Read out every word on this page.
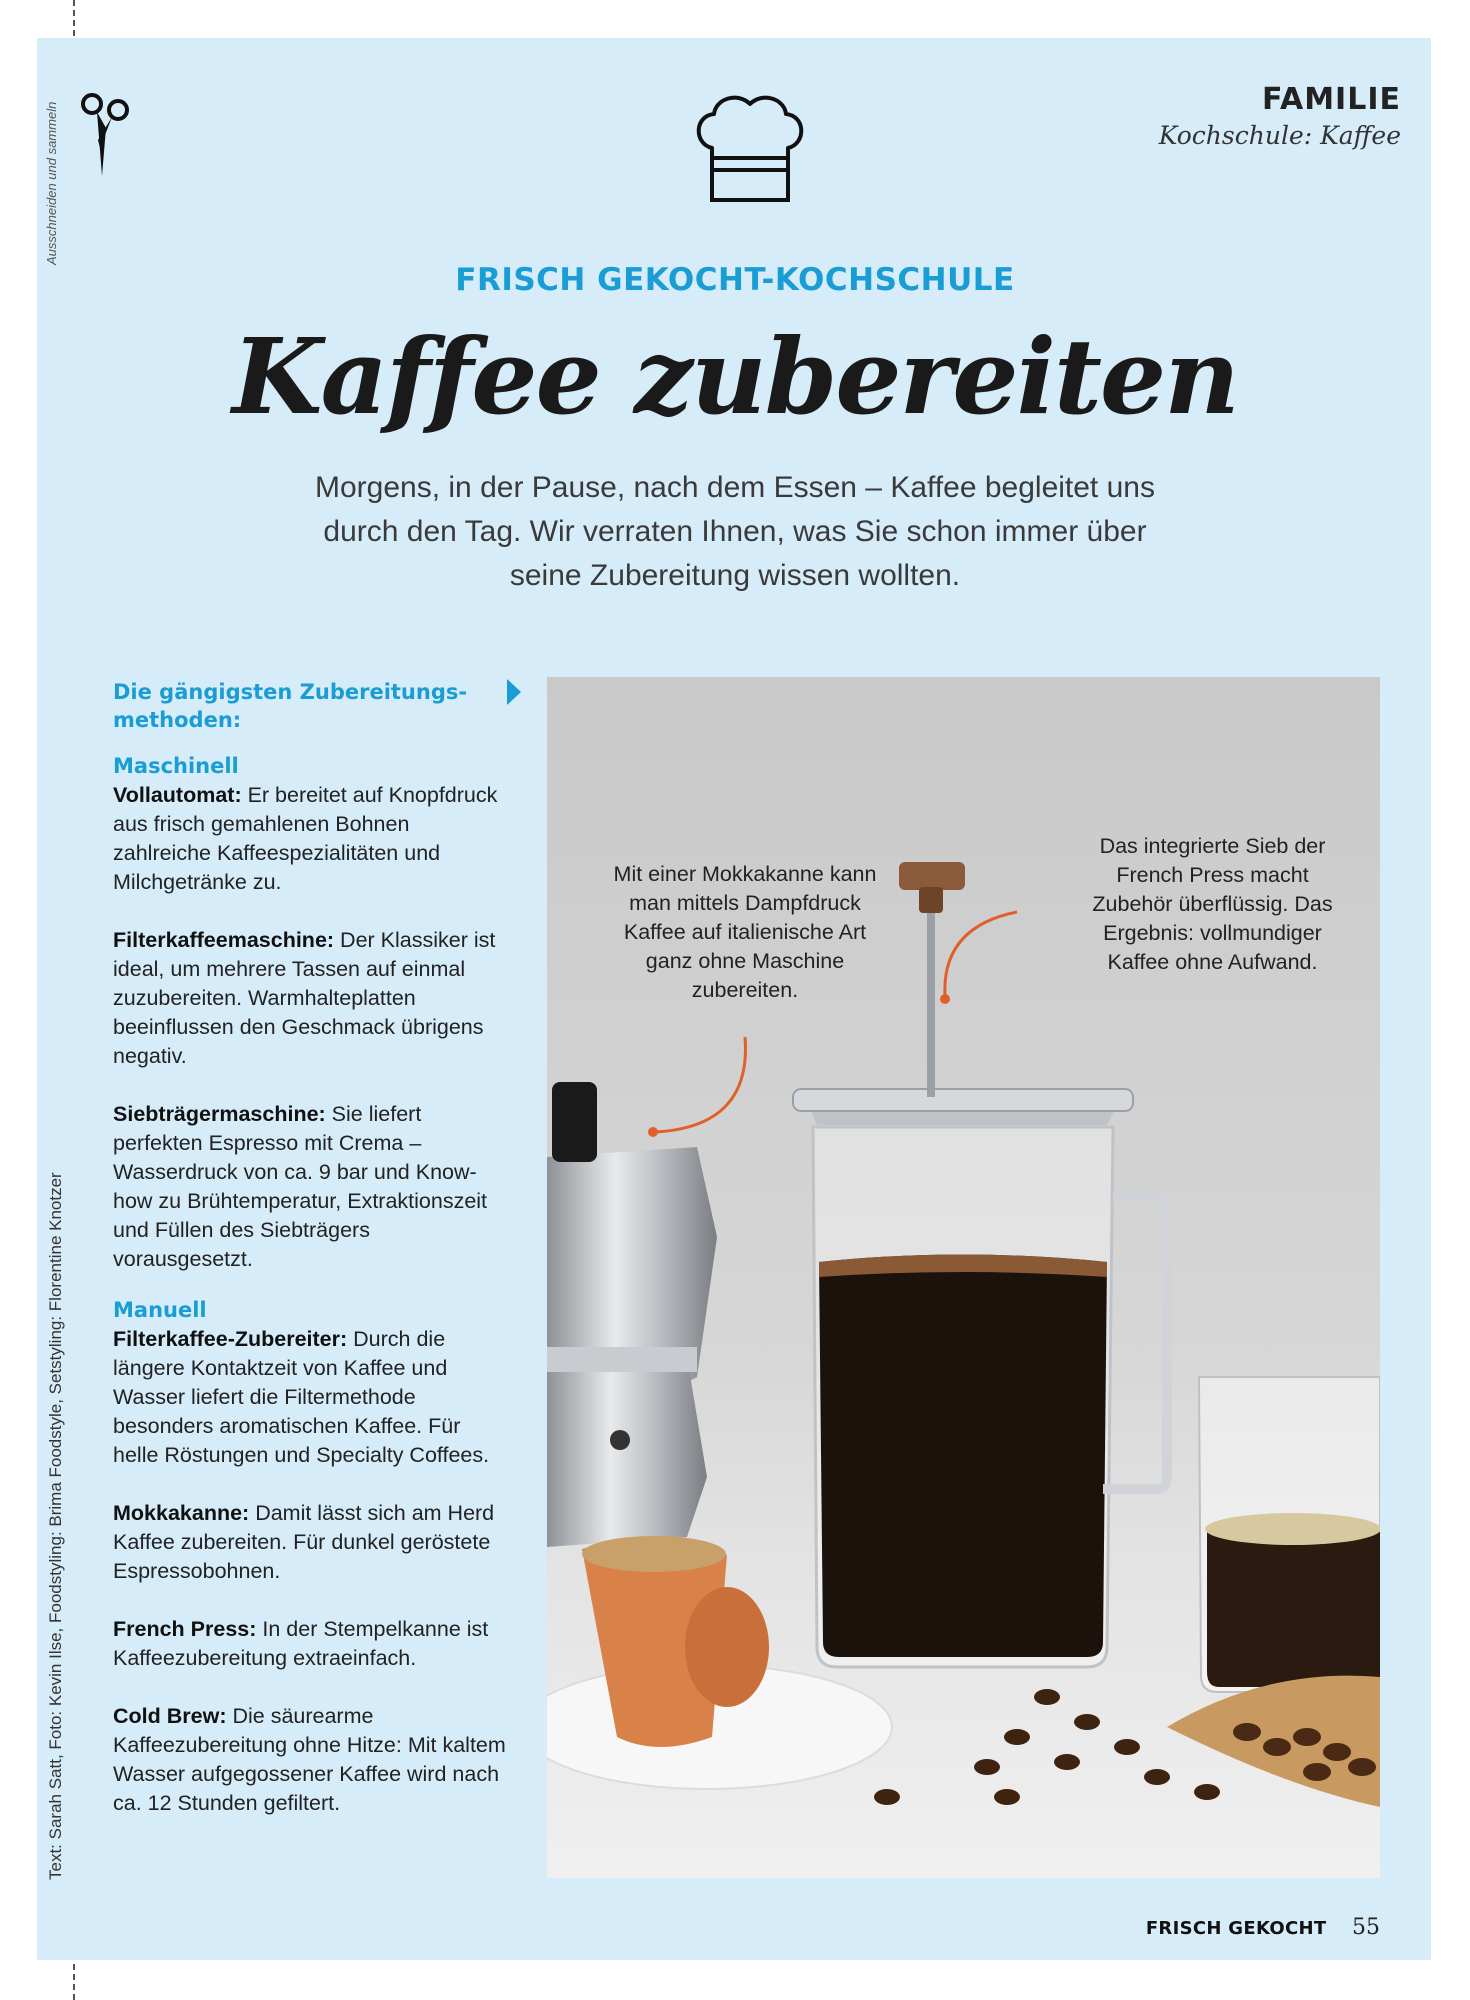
Ausschneiden und sammeln
Text: Sarah Satt, Foto: Kevin Ilse, Foodstyling: Brima Foodstyle, Setstyling: Florentine Knotzer
FAMILIE
Kochschule: Kaffee
FRISCH GEKOCHT-KOCHSCHULE
Kaffee zubereiten
Morgens, in der Pause, nach dem Essen – Kaffee begleitet uns durch den Tag. Wir verraten Ihnen, was Sie schon immer über seine Zubereitung wissen wollten.
Die gängigsten Zubereitungs-methoden:
Maschinell

Vollautomat: Er bereitet auf Knopfdruck aus frisch gemahlenen Bohnen zahlreiche Kaffeespezialitäten und Milchgetränke zu.

Filterkaffeemaschine: Der Klassiker ist ideal, um mehrere Tassen auf einmal zuzubereiten. Warmhalteplatten beeinflussen den Geschmack übrigens negativ.

Siebträgermaschine: Sie liefert perfekten Espresso mit Crema – Wasserdruck von ca. 9 bar und Know-how zu Brühtemperatur, Extraktionszeit und Füllen des Siebträgers vorausgesetzt.

Manuell

Filterkaffee-Zubereiter: Durch die längere Kontaktzeit von Kaffee und Wasser liefert die Filtermethode besonders aromatischen Kaffee. Für helle Röstungen und Specialty Coffees.

Mokkakanne: Damit lässt sich am Herd Kaffee zubereiten. Für dunkel geröstete Espressobohnen.

French Press: In der Stempelkanne ist Kaffeezubereitung extraeinfach.

Cold Brew: Die säurearme Kaffeezubereitung ohne Hitze: Mit kaltem Wasser aufgegossener Kaffee wird nach ca. 12 Stunden gefiltert.

Mit einer Mokkakanne kann man mittels Dampfdruck Kaffee auf italienische Art ganz ohne Maschine zubereiten.
Das integrierte Sieb der French Press macht Zubehör überflüssig. Das Ergebnis: vollmundiger Kaffee ohne Aufwand.
FRISCH GEKOCHT 55
